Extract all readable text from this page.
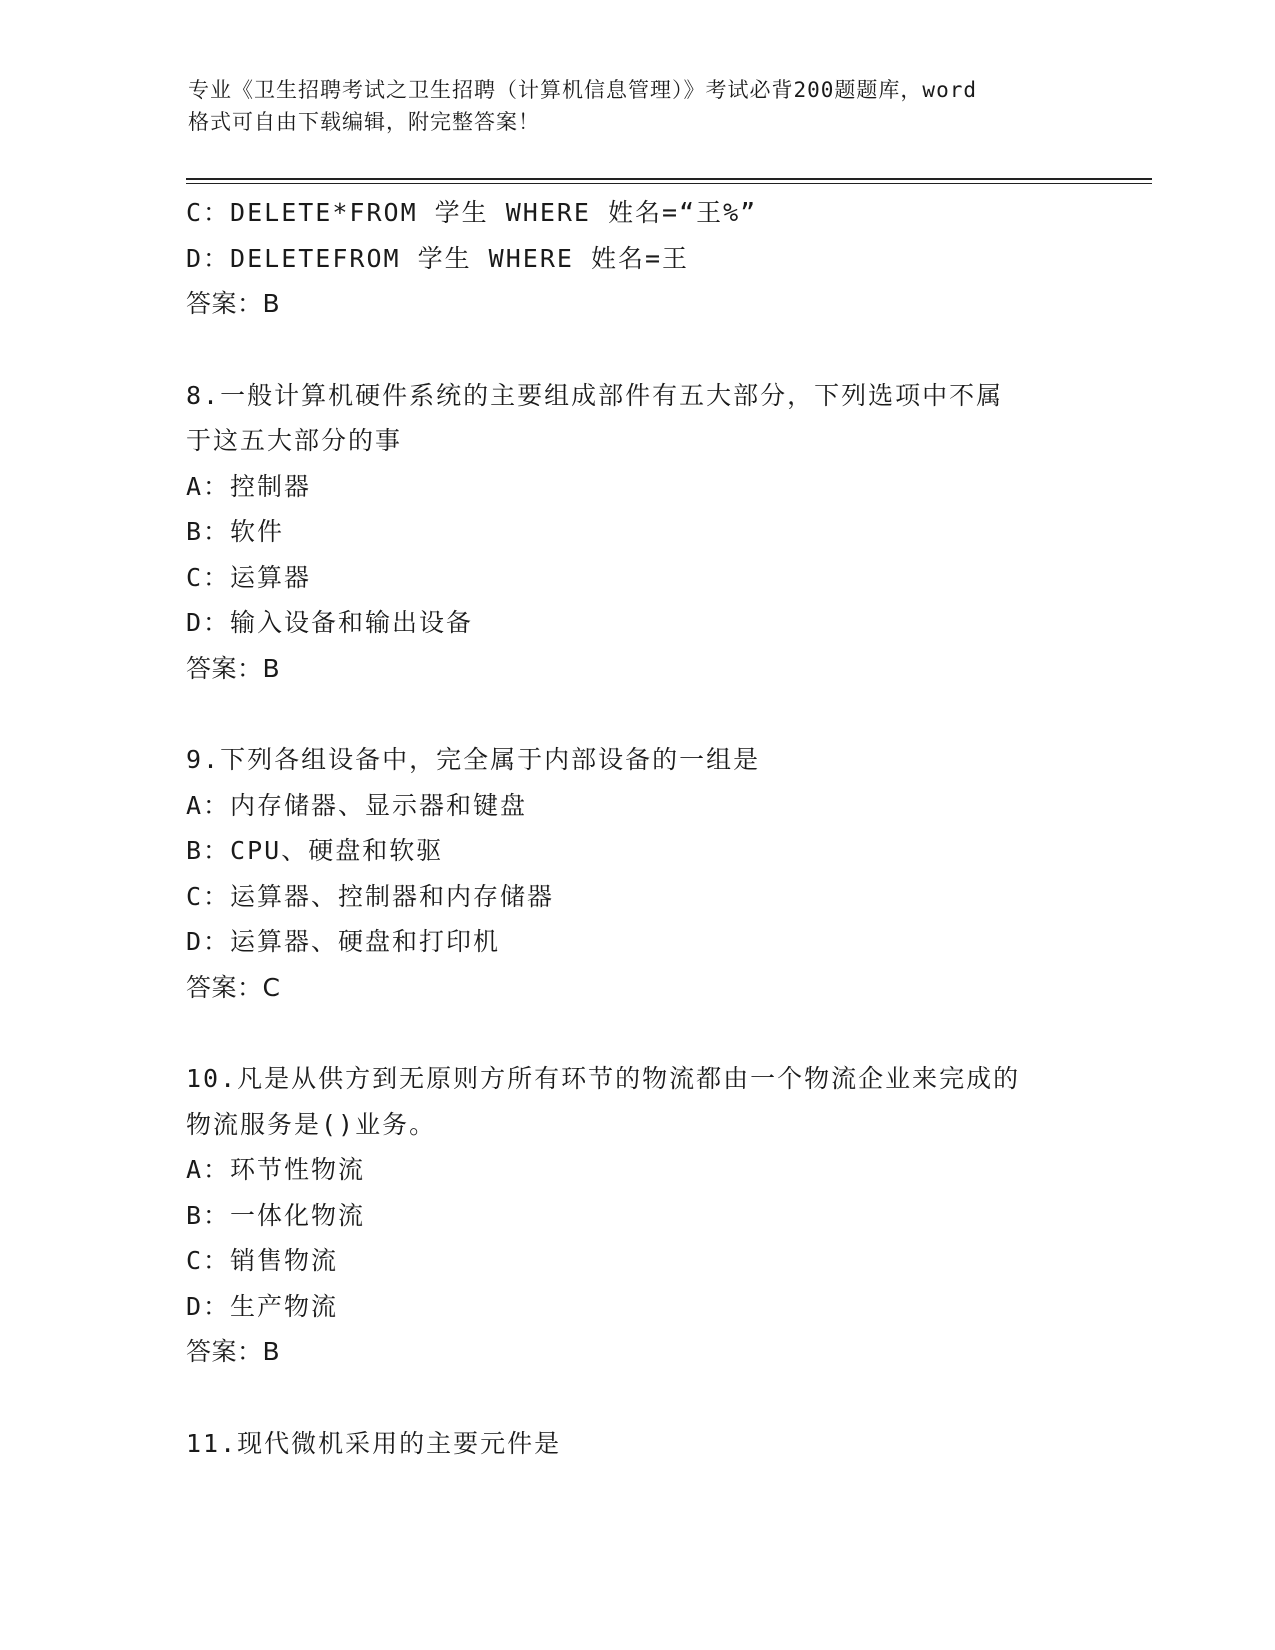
专业《卫生招聘考试之卫生招聘（计算机信息管理）》考试必背200题题库，word
格式可自由下载编辑，附完整答案！
C：DELETE*FROM 学生 WHERE 姓名=“王%”
D：DELETEFROM 学生 WHERE 姓名=王
答案：B
8.一般计算机硬件系统的主要组成部件有五大部分，下列选项中不属
于这五大部分的事
A：控制器
B：软件
C：运算器
D：输入设备和输出设备
答案：B
9.下列各组设备中，完全属于内部设备的一组是
A：内存储器、显示器和键盘
B：CPU、硬盘和软驱
C：运算器、控制器和内存储器
D：运算器、硬盘和打印机
答案：C
10.凡是从供方到无原则方所有环节的物流都由一个物流企业来完成的
物流服务是()业务。
A：环节性物流
B：一体化物流
C：销售物流
D：生产物流
答案：B
11.现代微机采用的主要元件是
